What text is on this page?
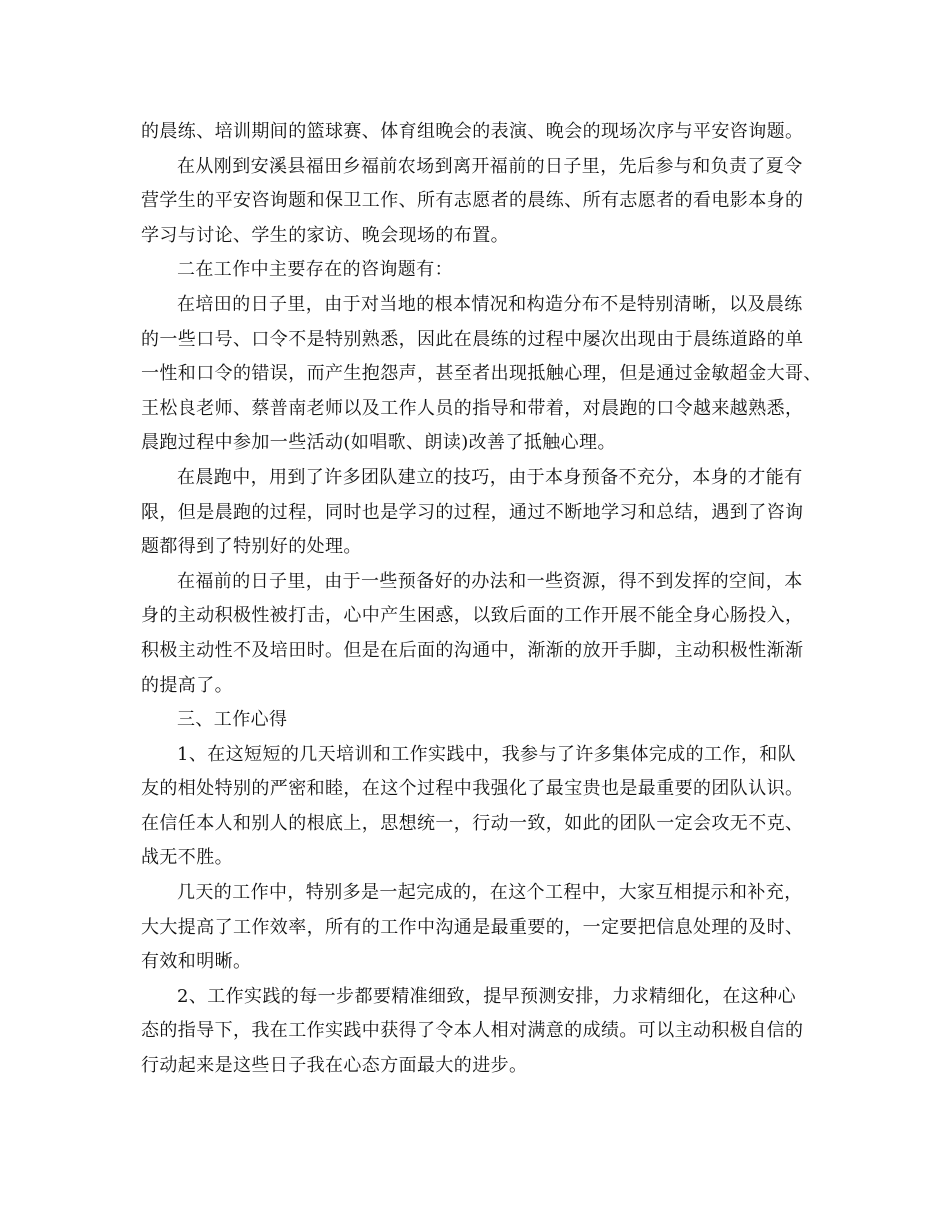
的晨练、培训期间的篮球赛、体育组晚会的表演、晚会的现场次序与平安咨询题。
在从刚到安溪县福田乡福前农场到离开福前的日子里，先后参与和负责了夏令
营学生的平安咨询题和保卫工作、所有志愿者的晨练、所有志愿者的看电影本身的
学习与讨论、学生的家访、晚会现场的布置。
二在工作中主要存在的咨询题有：
在培田的日子里，由于对当地的根本情况和构造分布不是特别清晰，以及晨练
的一些口号、口令不是特别熟悉，因此在晨练的过程中屡次出现由于晨练道路的单
一性和口令的错误，而产生抱怨声，甚至者出现抵触心理，但是通过金敏超金大哥、
王松良老师、蔡普南老师以及工作人员的指导和带着，对晨跑的口令越来越熟悉，
晨跑过程中参加一些活动(如唱歌、朗读)改善了抵触心理。
在晨跑中，用到了许多团队建立的技巧，由于本身预备不充分，本身的才能有
限，但是晨跑的过程，同时也是学习的过程，通过不断地学习和总结，遇到了咨询
题都得到了特别好的处理。
在福前的日子里，由于一些预备好的办法和一些资源，得不到发挥的空间，本
身的主动积极性被打击，心中产生困惑，以致后面的工作开展不能全身心肠投入，
积极主动性不及培田时。但是在后面的沟通中，渐渐的放开手脚，主动积极性渐渐
的提高了。
三、工作心得
1、在这短短的几天培训和工作实践中，我参与了许多集体完成的工作，和队
友的相处特别的严密和睦，在这个过程中我强化了最宝贵也是最重要的团队认识。
在信任本人和别人的根底上，思想统一，行动一致，如此的团队一定会攻无不克、
战无不胜。
几天的工作中，特别多是一起完成的，在这个工程中，大家互相提示和补充，
大大提高了工作效率，所有的工作中沟通是最重要的，一定要把信息处理的及时、
有效和明晰。
2、工作实践的每一步都要精准细致，提早预测安排，力求精细化，在这种心
态的指导下，我在工作实践中获得了令本人相对满意的成绩。可以主动积极自信的
行动起来是这些日子我在心态方面最大的进步。
